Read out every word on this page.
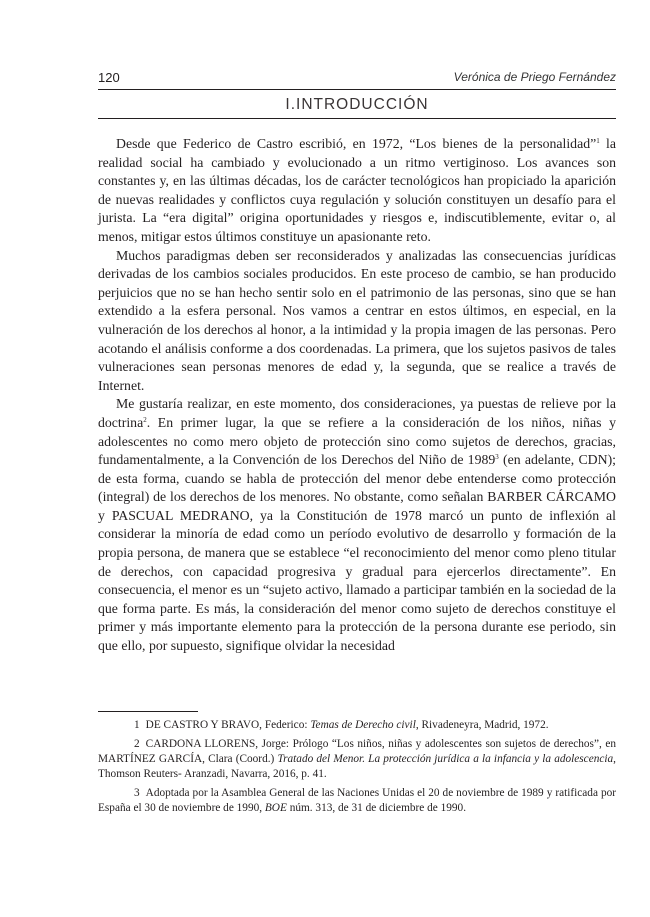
120	Verónica de Priego Fernández
I.INTRODUCCIÓN

Desde que Federico de Castro escribió, en 1972, “Los bienes de la personalidad”$^1$ la realidad social ha cambiado y evolucionado a un ritmo vertiginoso. Los avances son constantes y, en las últimas décadas, los de carácter tecnológicos han propiciado la aparición de nuevas realidades y conflictos cuya regulación y solución constituyen un desafío para el jurista. La “era digital” origina oportunidades y riesgos e, indiscutiblemente, evitar o, al menos, mitigar estos últimos constituye un apasionante reto.

Muchos paradigmas deben ser reconsiderados y analizadas las consecuencias jurídicas derivadas de los cambios sociales producidos. En este proceso de cambio, se han producido perjuicios que no se han hecho sentir solo en el patrimonio de las personas, sino que se han extendido a la esfera personal. Nos vamos a centrar en estos últimos, en especial, en la vulneración de los derechos al honor, a la intimidad y la propia imagen de las personas. Pero acotando el análisis conforme a dos coordenadas. La primera, que los sujetos pasivos de tales vulneraciones sean personas menores de edad y, la segunda, que se realice a través de Internet.

Me gustaría realizar, en este momento, dos consideraciones, ya puestas de relieve por la doctrina$^2$. En primer lugar, la que se refiere a la consideración de los niños, niñas y adolescentes no como mero objeto de protección sino como sujetos de derechos, gracias, fundamentalmente, a la Convención de los Derechos del Niño de 1989$^3$ (en adelante, CDN); de esta forma, cuando se habla de protección del menor debe entenderse como protección (integral) de los derechos de los menores. No obstante, como señalan BARBER CÁRCAMO y PASCUAL MEDRANO, ya la Constitución de 1978 marcó un punto de inflexión al considerar la minoría de edad como un período evolutivo de desarrollo y formación de la propia persona, de manera que se establece “el reconocimiento del menor como pleno titular de derechos, con capacidad progresiva y gradual para ejercerlos directamente”. En consecuencia, el menor es un “sujeto activo, llamado a participar también en la sociedad de la que forma parte. Es más, la consideración del menor como sujeto de derechos constituye el primer y más importante elemento para la protección de la persona durante ese periodo, sin que ello, por supuesto, signifique olvidar la necesidad

1 DE CASTRO Y BRAVO, Federico: Temas de Derecho civil, Rivadeneyra, Madrid, 1972.

2 CARDONA LLORENS, Jorge: Prólogo “Los niños, niñas y adolescentes son sujetos de derechos”, en MARTÍNEZ GARCÍA, Clara (Coord.) Tratado del Menor. La protección jurídica a la infancia y la adolescencia, Thomson Reuters- Aranzadi, Navarra, 2016, p. 41.

3 Adoptada por la Asamblea General de las Naciones Unidas el 20 de noviembre de 1989 y ratificada por España el 30 de noviembre de 1990, BOE núm. 313, de 31 de diciembre de 1990.
